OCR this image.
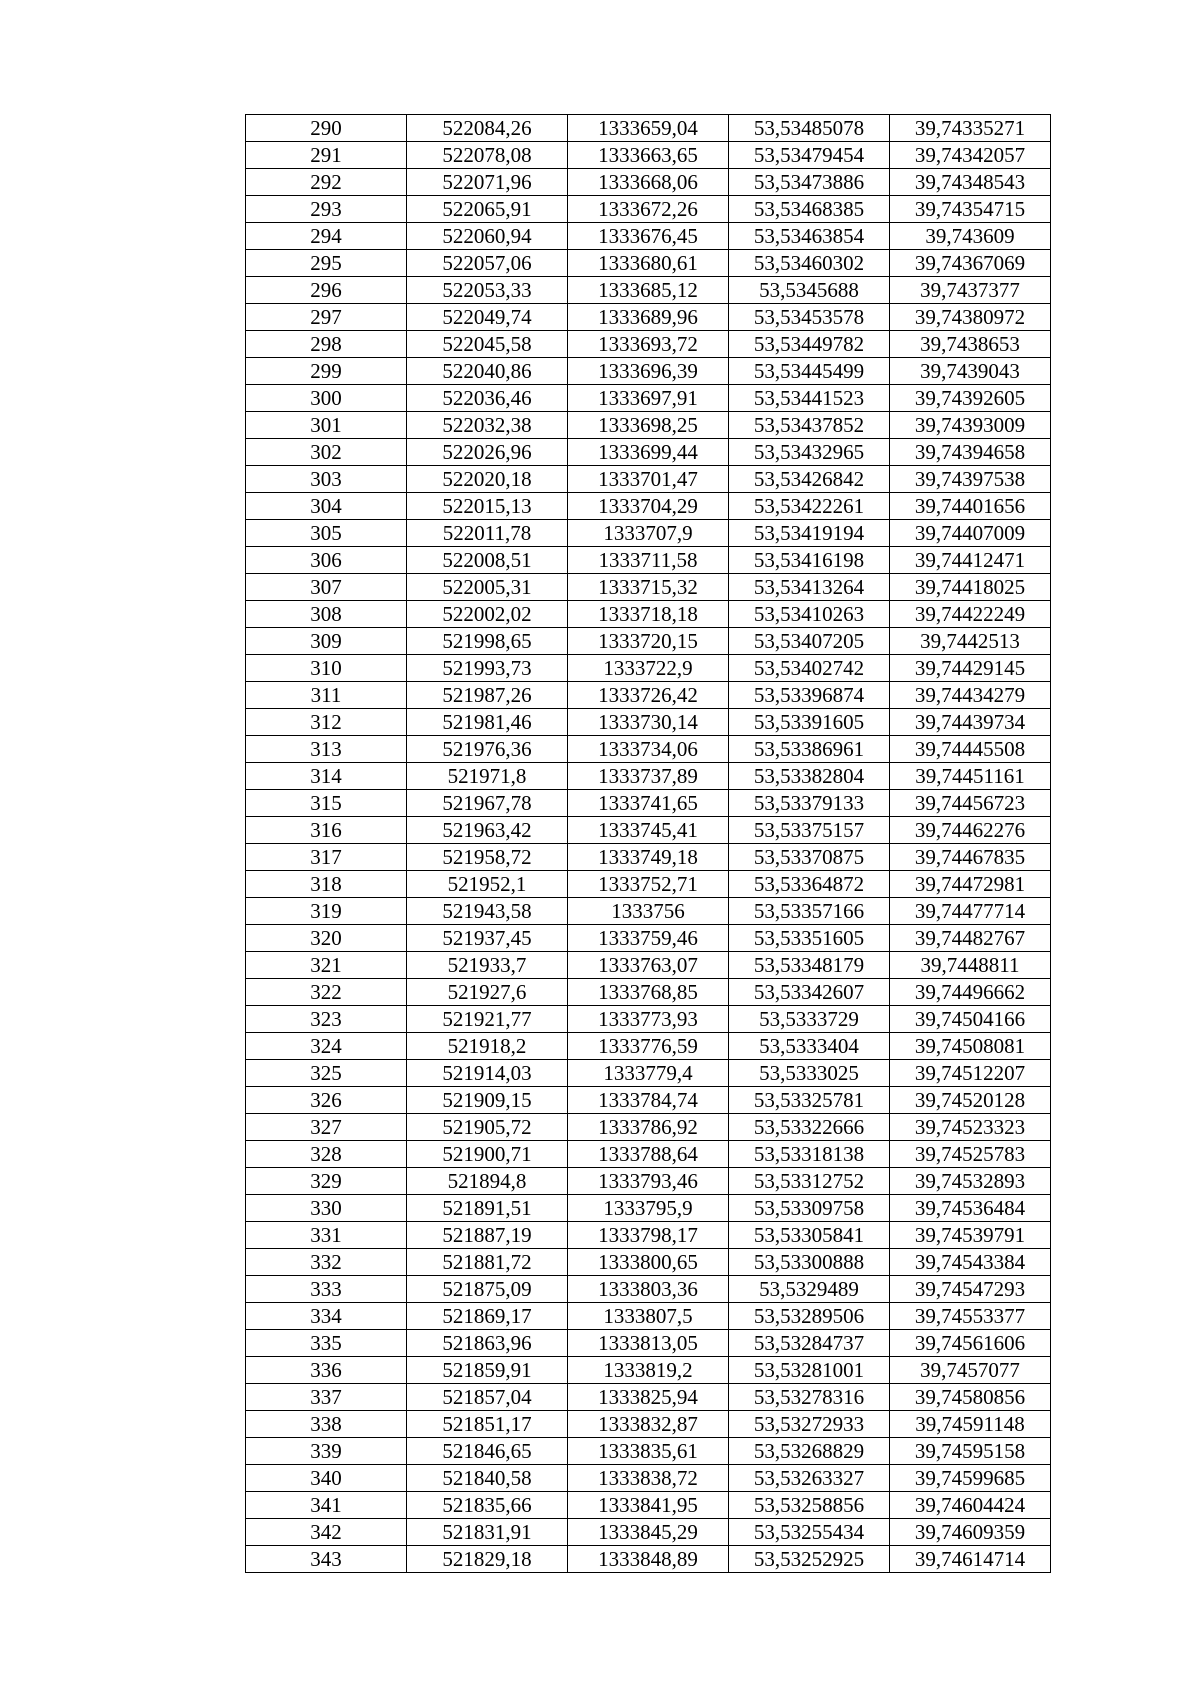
290	522084,26	1333659,04	53,53485078	39,74335271
291	522078,08	1333663,65	53,53479454	39,74342057
292	522071,96	1333668,06	53,53473886	39,74348543
293	522065,91	1333672,26	53,53468385	39,74354715
294	522060,94	1333676,45	53,53463854	39,743609
295	522057,06	1333680,61	53,53460302	39,74367069
296	522053,33	1333685,12	53,5345688	39,7437377
297	522049,74	1333689,96	53,53453578	39,74380972
298	522045,58	1333693,72	53,53449782	39,7438653
299	522040,86	1333696,39	53,53445499	39,7439043
300	522036,46	1333697,91	53,53441523	39,74392605
301	522032,38	1333698,25	53,53437852	39,74393009
302	522026,96	1333699,44	53,53432965	39,74394658
303	522020,18	1333701,47	53,53426842	39,74397538
304	522015,13	1333704,29	53,53422261	39,74401656
305	522011,78	1333707,9	53,53419194	39,74407009
306	522008,51	1333711,58	53,53416198	39,74412471
307	522005,31	1333715,32	53,53413264	39,74418025
308	522002,02	1333718,18	53,53410263	39,74422249
309	521998,65	1333720,15	53,53407205	39,7442513
310	521993,73	1333722,9	53,53402742	39,74429145
311	521987,26	1333726,42	53,53396874	39,74434279
312	521981,46	1333730,14	53,53391605	39,74439734
313	521976,36	1333734,06	53,53386961	39,74445508
314	521971,8	1333737,89	53,53382804	39,74451161
315	521967,78	1333741,65	53,53379133	39,74456723
316	521963,42	1333745,41	53,53375157	39,74462276
317	521958,72	1333749,18	53,53370875	39,74467835
318	521952,1	1333752,71	53,53364872	39,74472981
319	521943,58	1333756	53,53357166	39,74477714
320	521937,45	1333759,46	53,53351605	39,74482767
321	521933,7	1333763,07	53,53348179	39,7448811
322	521927,6	1333768,85	53,53342607	39,74496662
323	521921,77	1333773,93	53,5333729	39,74504166
324	521918,2	1333776,59	53,5333404	39,74508081
325	521914,03	1333779,4	53,5333025	39,74512207
326	521909,15	1333784,74	53,53325781	39,74520128
327	521905,72	1333786,92	53,53322666	39,74523323
328	521900,71	1333788,64	53,53318138	39,74525783
329	521894,8	1333793,46	53,53312752	39,74532893
330	521891,51	1333795,9	53,53309758	39,74536484
331	521887,19	1333798,17	53,53305841	39,74539791
332	521881,72	1333800,65	53,53300888	39,74543384
333	521875,09	1333803,36	53,5329489	39,74547293
334	521869,17	1333807,5	53,53289506	39,74553377
335	521863,96	1333813,05	53,53284737	39,74561606
336	521859,91	1333819,2	53,53281001	39,7457077
337	521857,04	1333825,94	53,53278316	39,74580856
338	521851,17	1333832,87	53,53272933	39,74591148
339	521846,65	1333835,61	53,53268829	39,74595158
340	521840,58	1333838,72	53,53263327	39,74599685
341	521835,66	1333841,95	53,53258856	39,74604424
342	521831,91	1333845,29	53,53255434	39,74609359
343	521829,18	1333848,89	53,53252925	39,74614714
